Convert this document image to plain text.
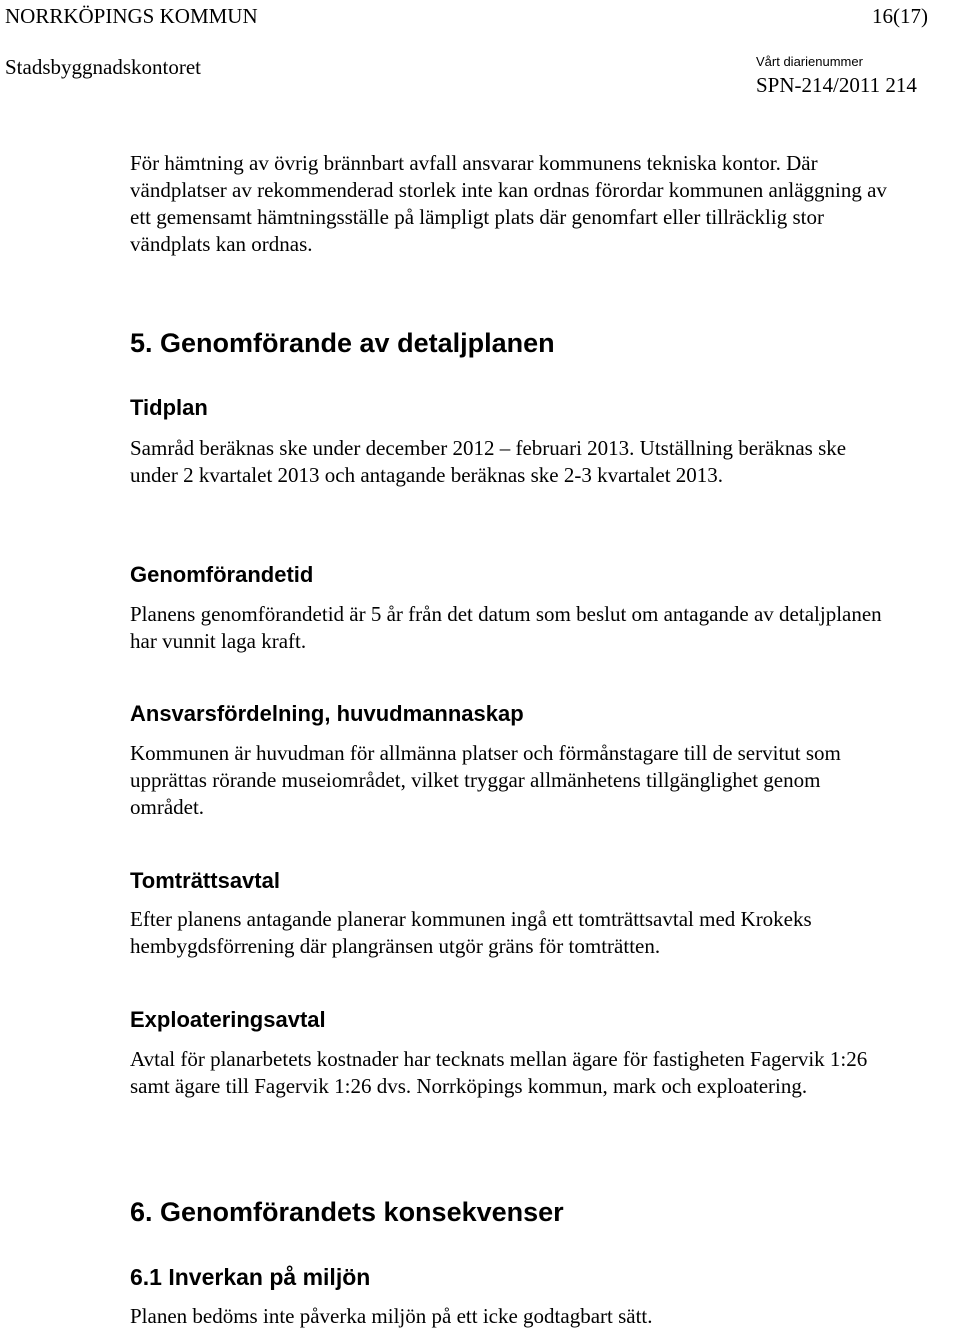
NORRKÖPINGS KOMMUN	16(17)
Stadsbyggnadskontoret	Vårt diarienummer
SPN-214/2011 214

För hämtning av övrig brännbart avfall ansvarar kommunens tekniska kontor. Där vändplatser av rekommenderad storlek inte kan ordnas förordar kommunen anläggning av ett gemensamt hämtningsställe på lämpligt plats där genomfart eller tillräcklig stor vändplats kan ordnas.

5. Genomförande av detaljplanen
Tidplan

Samråd beräknas ske under december 2012 – februari 2013. Utställning beräknas ske under 2 kvartalet 2013 och antagande beräknas ske 2-3 kvartalet 2013.

Genomförandetid

Planens genomförandetid är 5 år från det datum som beslut om antagande av detaljplanen har vunnit laga kraft.

Ansvarsfördelning, huvudmannaskap

Kommunen är huvudman för allmänna platser och förmånstagare till de servitut som upprättas rörande museiområdet, vilket tryggar allmänhetens tillgänglighet genom området.

Tomträttsavtal

Efter planens antagande planerar kommunen ingå ett tomträttsavtal med Krokeks hembygdsförrening där plangränsen utgör gräns för tomträtten.

Exploateringsavtal

Avtal för planarbetets kostnader har tecknats mellan ägare för fastigheten Fagervik 1:26 samt ägare till Fagervik 1:26 dvs. Norrköpings kommun, mark och exploatering.

6. Genomförandets konsekvenser
6.1 Inverkan på miljön

Planen bedöms inte påverka miljön på ett icke godtagbart sätt.
